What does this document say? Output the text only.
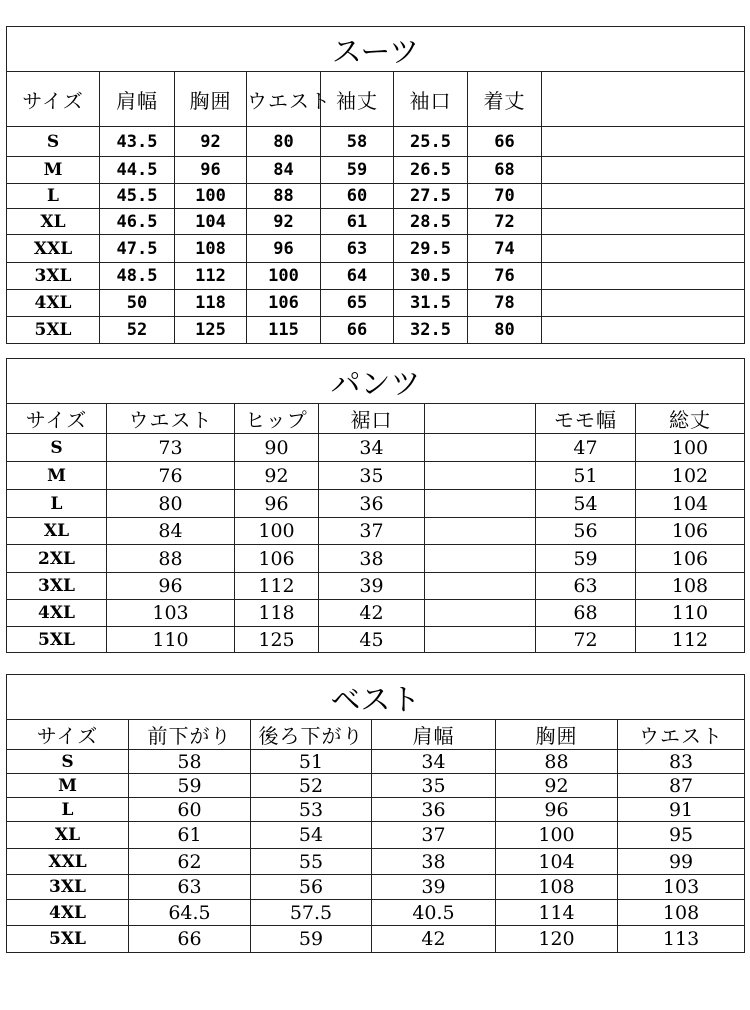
スーツ							
サイズ	肩幅	胸囲	ウエスト	袖丈	袖口	着丈	
S	43.5	92	80	58	25.5	66	
M	44.5	96	84	59	26.5	68	
L	45.5	100	88	60	27.5	70	
XL	46.5	104	92	61	28.5	72	
XXL	47.5	108	96	63	29.5	74	
3XL	48.5	112	100	64	30.5	76	
4XL	50	118	106	65	31.5	78	
5XL	52	125	115	66	32.5	80	
パンツ						
サイズ	ウエスト	ヒップ	裾口		モモ幅	総丈
S	73	90	34		47	100
M	76	92	35		51	102
L	80	96	36		54	104
XL	84	100	37		56	106
2XL	88	106	38		59	106
3XL	96	112	39		63	108
4XL	103	118	42		68	110
5XL	110	125	45		72	112
ベスト					
サイズ	前下がり	後ろ下がり	肩幅	胸囲	ウエスト
S	58	51	34	88	83
M	59	52	35	92	87
L	60	53	36	96	91
XL	61	54	37	100	95
XXL	62	55	38	104	99
3XL	63	56	39	108	103
4XL	64.5	57.5	40.5	114	108
5XL	66	59	42	120	113
